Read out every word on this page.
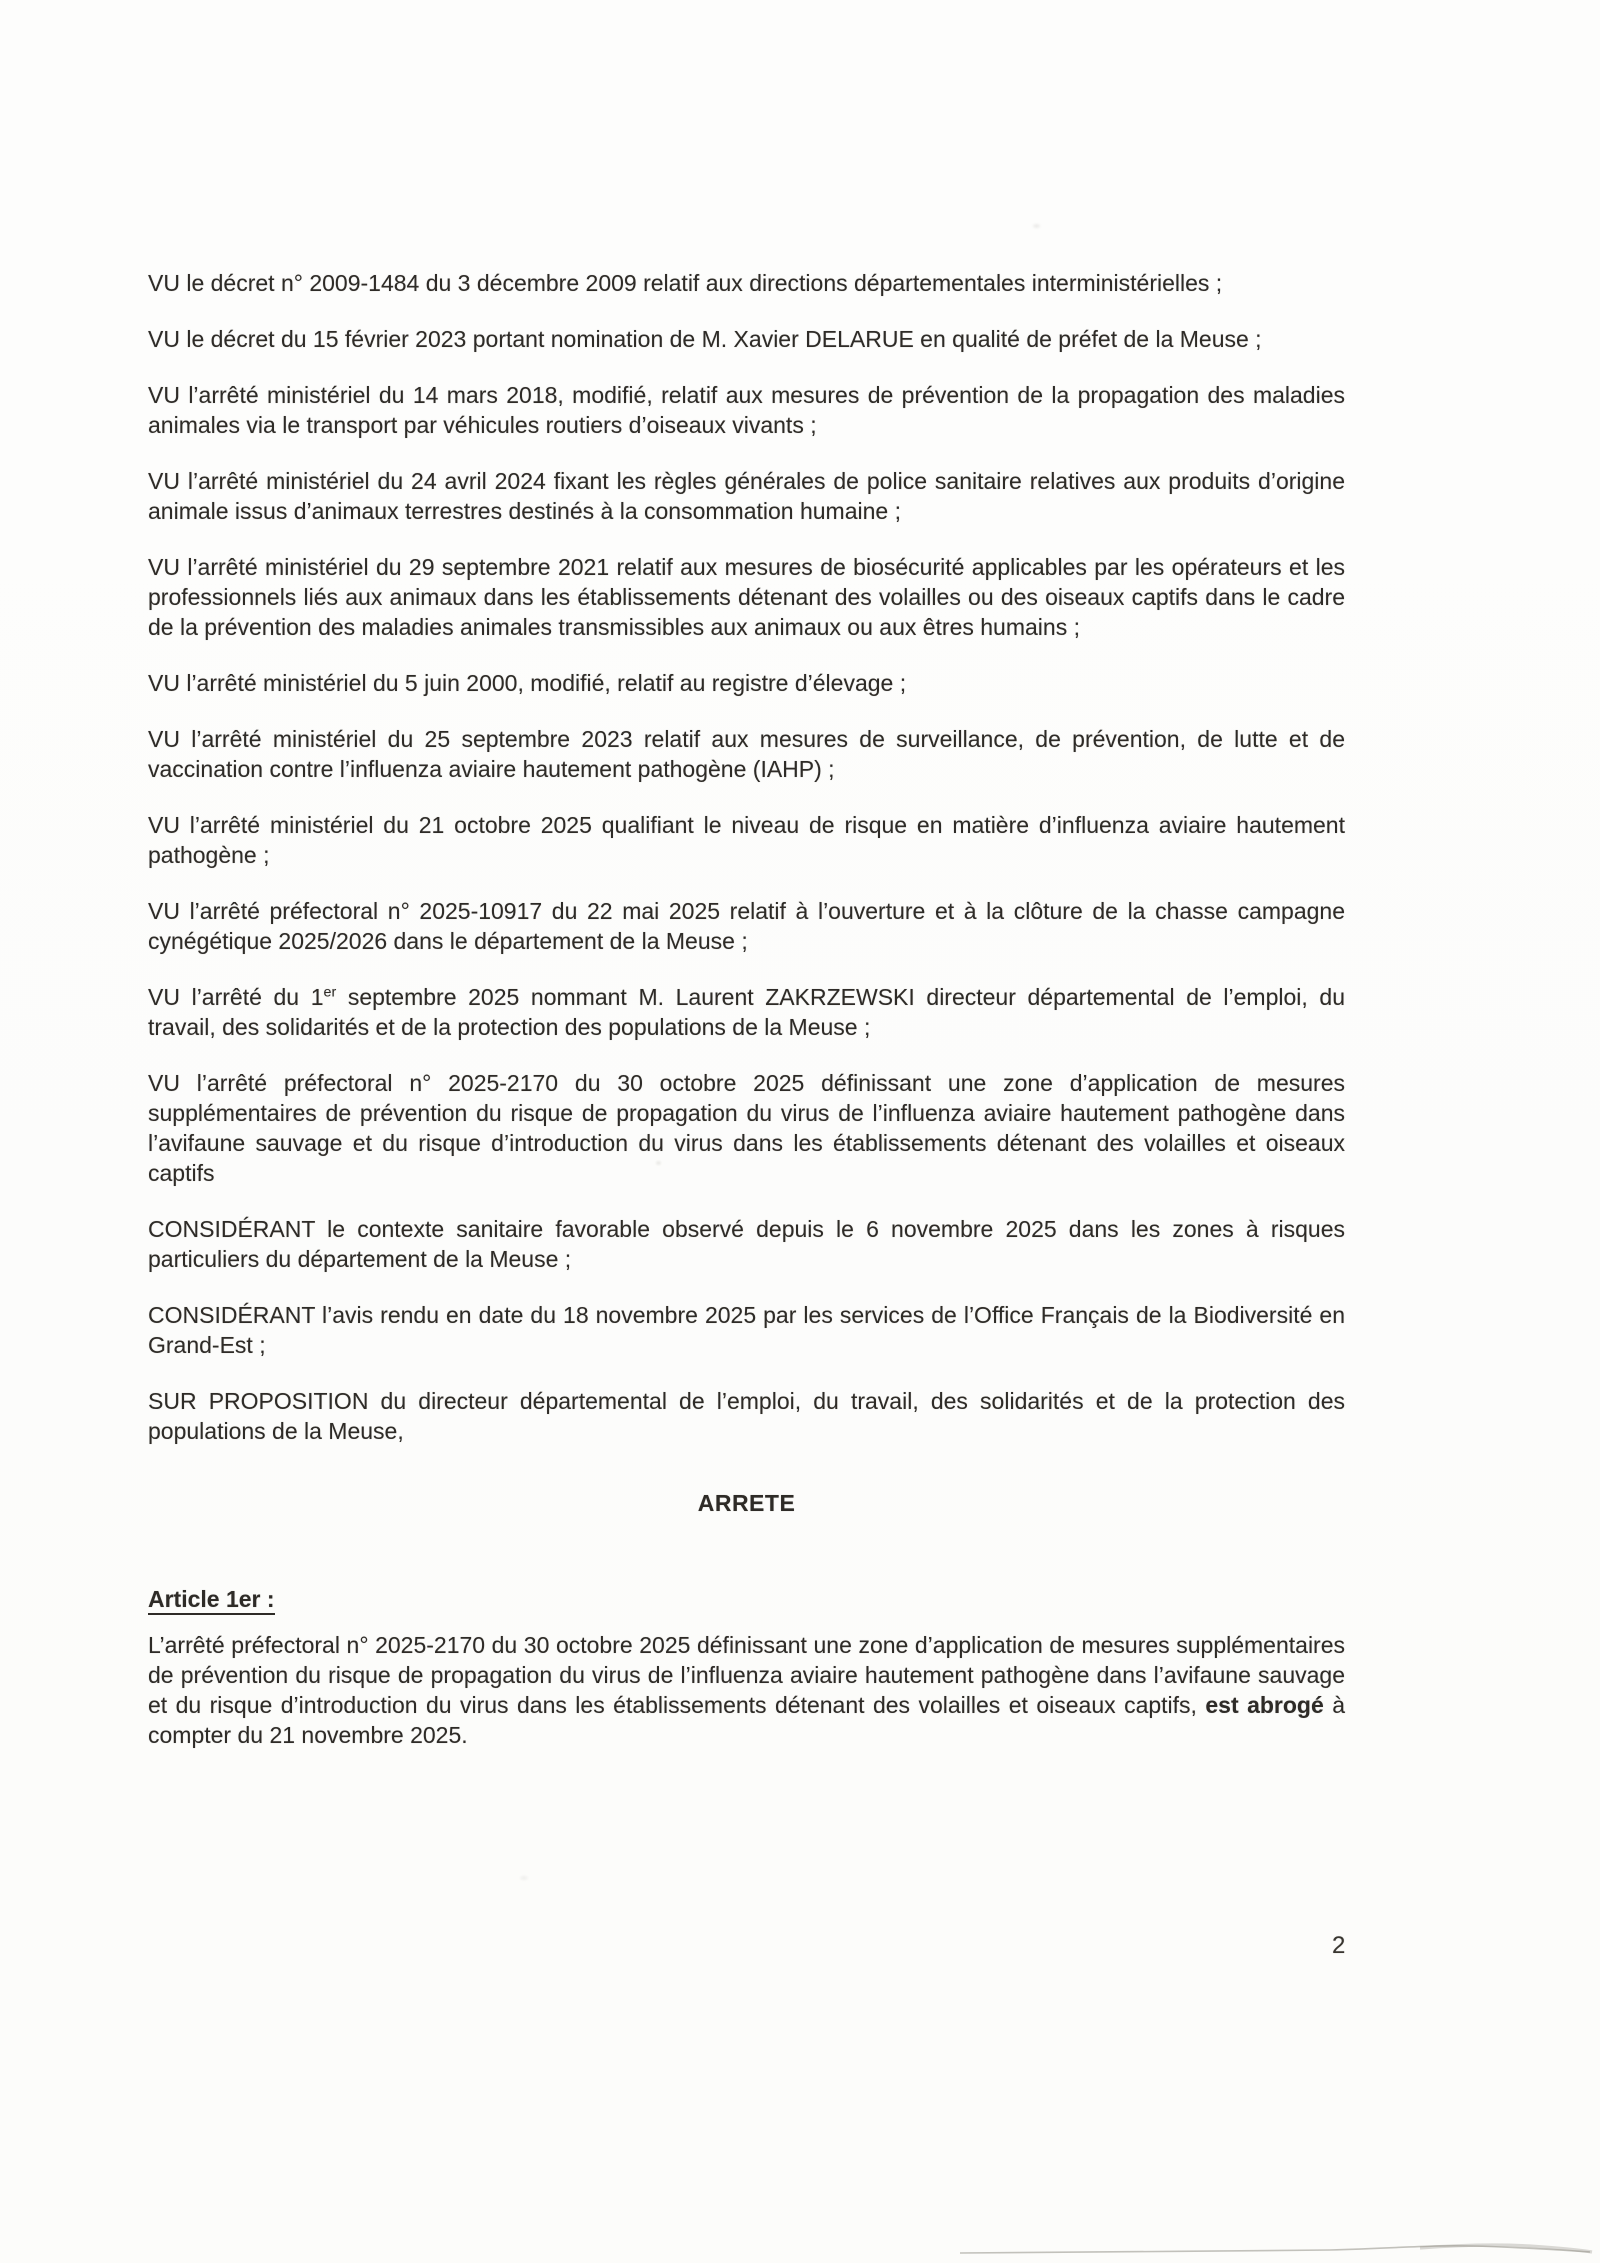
VU le décret n° 2009-1484 du 3 décembre 2009 relatif aux directions départementales interministérielles ;

VU le décret du 15 février 2023 portant nomination de M. Xavier DELARUE en qualité de préfet de la Meuse ;

VU l’arrêté ministériel du 14 mars 2018, modifié, relatif aux mesures de prévention de la propagation des maladies animales via le transport par véhicules routiers d’oiseaux vivants ;

VU l’arrêté ministériel du 24 avril 2024 fixant les règles générales de police sanitaire relatives aux produits d’origine animale issus d’animaux terrestres destinés à la consommation humaine ;

VU l’arrêté ministériel du 29 septembre 2021 relatif aux mesures de biosécurité applicables par les opérateurs et les professionnels liés aux animaux dans les établissements détenant des volailles ou des oiseaux captifs dans le cadre de la prévention des maladies animales transmissibles aux animaux ou aux êtres humains ;

VU l’arrêté ministériel du 5 juin 2000, modifié, relatif au registre d’élevage ;

VU l’arrêté ministériel du 25 septembre 2023 relatif aux mesures de surveillance, de prévention, de lutte et de vaccination contre l’influenza aviaire hautement pathogène (IAHP) ;

VU l’arrêté ministériel du 21 octobre 2025 qualifiant le niveau de risque en matière d’influenza aviaire hautement pathogène ;

VU l’arrêté préfectoral n° 2025-10917 du 22 mai 2025 relatif à l’ouverture et à la clôture de la chasse campagne cynégétique 2025/2026 dans le département de la Meuse ;

VU l’arrêté du 1er septembre 2025 nommant M. Laurent ZAKRZEWSKI directeur départemental de l’emploi, du travail, des solidarités et de la protection des populations de la Meuse ;

VU l’arrêté préfectoral n° 2025-2170 du 30 octobre 2025 définissant une zone d’application de mesures supplémentaires de prévention du risque de propagation du virus de l’influenza aviaire hautement pathogène dans l’avifaune sauvage et du risque d’introduction du virus dans les établissements détenant des volailles et oiseaux captifs

CONSIDÉRANT le contexte sanitaire favorable observé depuis le 6 novembre 2025 dans les zones à risques particuliers du département de la Meuse ;

CONSIDÉRANT l’avis rendu en date du 18 novembre 2025 par les services de l’Office Français de la Biodiversité en Grand-Est ;

SUR PROPOSITION du directeur départemental de l’emploi, du travail, des solidarités et de la protection des populations de la Meuse,

ARRETE

Article 1er :

L’arrêté préfectoral n° 2025-2170 du 30 octobre 2025 définissant une zone d’application de mesures supplémentaires de prévention du risque de propagation du virus de l’influenza aviaire hautement pathogène dans l’avifaune sauvage et du risque d’introduction du virus dans les établissements détenant des volailles et oiseaux captifs, est abrogé à compter du 21 novembre 2025.

2
